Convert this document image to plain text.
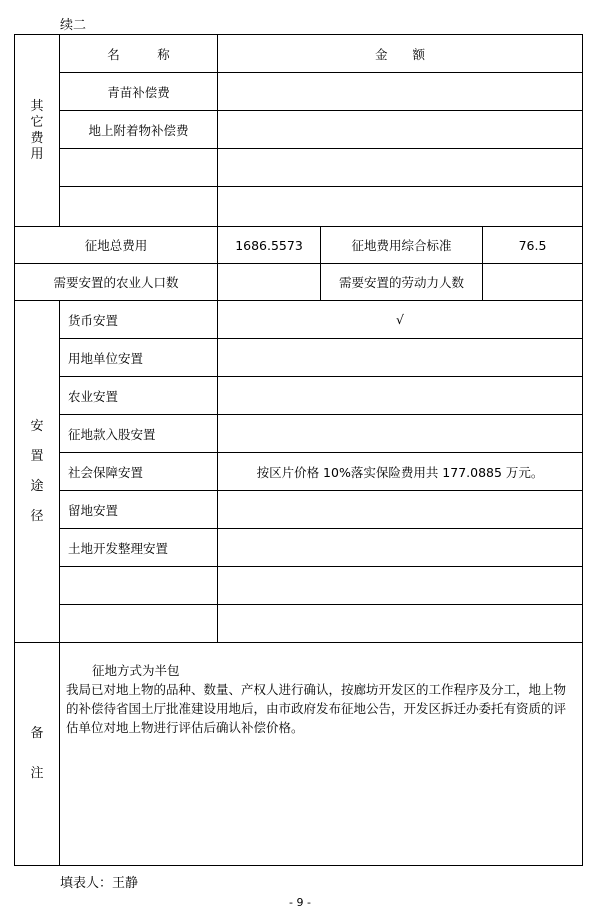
续二
其
它
费
用	名　　　称	金　　额		
	青苗补偿费			
	地上附着物补偿费			

征地总费用		1686.5573	征地费用综合标准	76.5
需要安置的农业人口数			需要安置的劳动力人数	

安
置
途
径	货币安置	√		
	用地单位安置			
	农业安置			
	征地款入股安置			
	社会保障安置	按区片价格 10%落实保险费用共 177.0885 万元。		
	留地安置			
	土地开发整理安置			

备
注	征地方式为半包
我局已对地上物的品种、数量、产权人进行确认，按廊坊开发区的工作程序及分工，地上物的补偿待省国土厅批准建设用地后，由市政府发布征地公告，开发区拆迁办委托有资质的评估单位对地上物进行评估后确认补偿价格。			
填表人：王静
- 9 -
